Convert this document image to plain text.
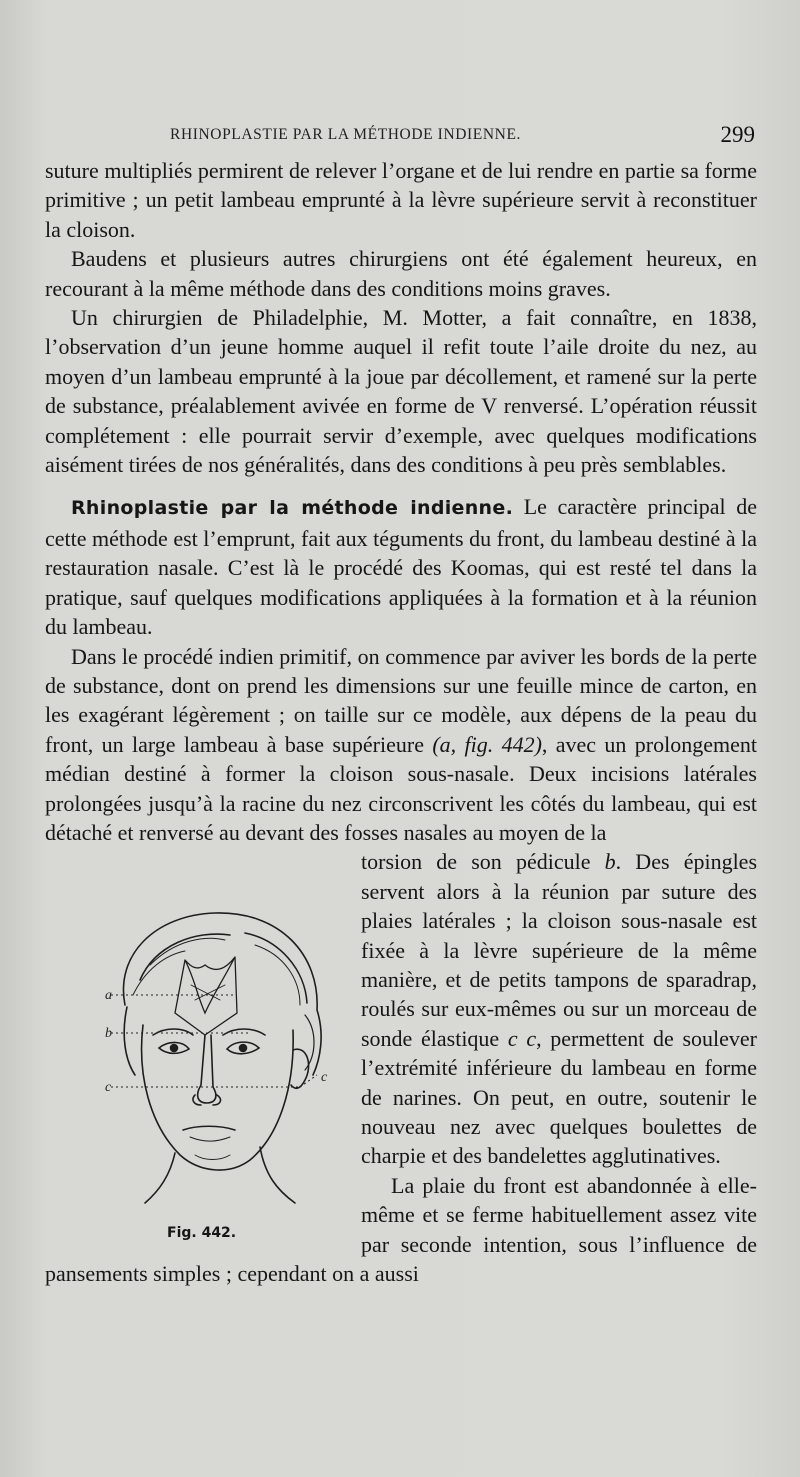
RHINOPLASTIE PAR LA MÉTHODE INDIENNE.	299

suture multipliés permirent de relever l’organe et de lui rendre en partie sa forme primitive ; un petit lambeau emprunté à la lèvre supérieure servit à reconstituer la cloison.

Baudens et plusieurs autres chirurgiens ont été également heureux, en recourant à la même méthode dans des conditions moins graves.

Un chirurgien de Philadelphie, M. Motter, a fait connaître, en 1838, l’observation d’un jeune homme auquel il refit toute l’aile droite du nez, au moyen d’un lambeau emprunté à la joue par décollement, et ramené sur la perte de substance, préalablement avivée en forme de V renversé. L’opération réussit complétement : elle pourrait servir d’exemple, avec quelques modifications aisément tirées de nos généralités, dans des conditions à peu près semblables.

Rhinoplastie par la méthode indienne. Le caractère principal de cette méthode est l’emprunt, fait aux téguments du front, du lambeau destiné à la restauration nasale. C’est là le procédé des Koomas, qui est resté tel dans la pratique, sauf quelques modifications appliquées à la formation et à la réunion du lambeau.

Dans le procédé indien primitif, on commence par aviver les bords de la perte de substance, dont on prend les dimensions sur une feuille mince de carton, en les exagérant légèrement ; on taille sur ce modèle, aux dépens de la peau du front, un large lambeau à base supérieure (a, fig. 442), avec un prolongement médian destiné à former la cloison sous-nasale. Deux incisions latérales prolongées jusqu’à la racine du nez circonscrivent les côtés du lambeau, qui est détaché et renversé au devant des fosses nasales au moyen de la

a
b
c
c
Fig. 442.

torsion de son pédicule b. Des épingles servent alors à la réunion par suture des plaies latérales ; la cloison sous-nasale est fixée à la lèvre supérieure de la même manière, et de petits tampons de sparadrap, roulés sur eux-mêmes ou sur un morceau de sonde élastique c c, permettent de soulever l’extrémité inférieure du lambeau en forme de narines. On peut, en outre, soutenir le nouveau nez avec quelques boulettes de charpie et des bandelettes agglutinatives.

La plaie du front est abandonnée à elle-même et se ferme habituellement assez vite par seconde intention, sous l’influence de pansements simples ; cependant on a aussi
